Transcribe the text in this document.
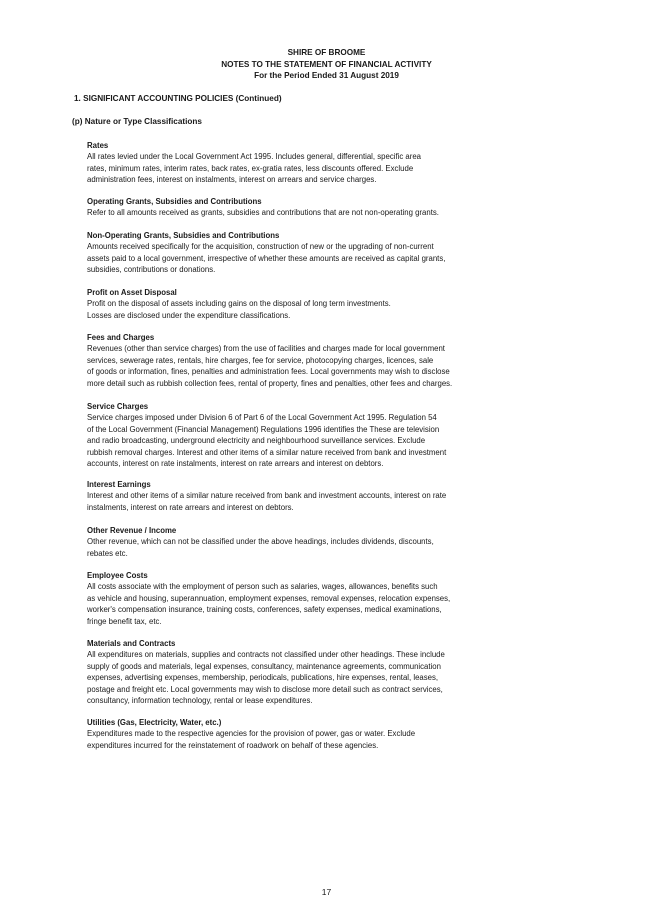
SHIRE OF BROOME
NOTES TO THE STATEMENT OF FINANCIAL ACTIVITY
For the Period Ended 31 August 2019
1. SIGNIFICANT ACCOUNTING POLICIES (Continued)
(p) Nature or Type Classifications
Rates
All rates levied under the Local Government Act 1995. Includes general, differential, specific area
rates, minimum rates, interim rates, back rates, ex-gratia rates, less discounts offered. Exclude
administration fees, interest on instalments, interest on arrears and service charges.
Operating Grants, Subsidies and Contributions
Refer to all amounts received as grants, subsidies and contributions that are not non-operating grants.
Non-Operating Grants, Subsidies and Contributions
Amounts received specifically for the acquisition, construction of new or the upgrading of non-current
assets paid to a local government, irrespective of whether these amounts are received as capital grants,
subsidies, contributions or donations.
Profit on Asset Disposal
Profit on the disposal of assets including gains on the disposal of long term investments.
Losses are disclosed under the expenditure classifications.
Fees and Charges
Revenues (other than service charges) from the use of facilities and charges made for local government
services, sewerage rates, rentals, hire charges, fee for service, photocopying charges, licences, sale
of goods or information, fines, penalties and administration fees. Local governments may wish to disclose
more detail such as rubbish collection fees, rental of property, fines and penalties, other fees and charges.
Service Charges
Service charges imposed under Division 6 of Part 6 of the Local Government Act 1995. Regulation 54
of the Local Government (Financial Management) Regulations 1996 identifies the These are television
and radio broadcasting, underground electricity and neighbourhood surveillance services. Exclude
rubbish removal charges. Interest and other items of a similar nature received from bank and investment
accounts, interest on rate instalments, interest on rate arrears and interest on debtors.
Interest Earnings
Interest and other items of a similar nature received from bank and investment accounts, interest on rate
instalments, interest on rate arrears and interest on debtors.
Other Revenue / Income
Other revenue, which can not be classified under the above headings, includes dividends, discounts,
rebates etc.
Employee Costs
All costs associate with the employment of person such as salaries, wages, allowances, benefits such
as vehicle and housing, superannuation, employment expenses, removal expenses, relocation expenses,
worker's compensation insurance, training costs, conferences, safety expenses, medical examinations,
fringe benefit tax, etc.
Materials and Contracts
All expenditures on materials, supplies and contracts not classified under other headings. These include
supply of goods and materials, legal expenses, consultancy, maintenance agreements, communication
expenses, advertising expenses, membership, periodicals, publications, hire expenses, rental, leases,
postage and freight etc. Local governments may wish to disclose more detail such as contract services,
consultancy, information technology, rental or lease expenditures.
Utilities (Gas, Electricity, Water, etc.)
Expenditures made to the respective agencies for the provision of power, gas or water. Exclude
expenditures incurred for the reinstatement of roadwork on behalf of these agencies.
17
